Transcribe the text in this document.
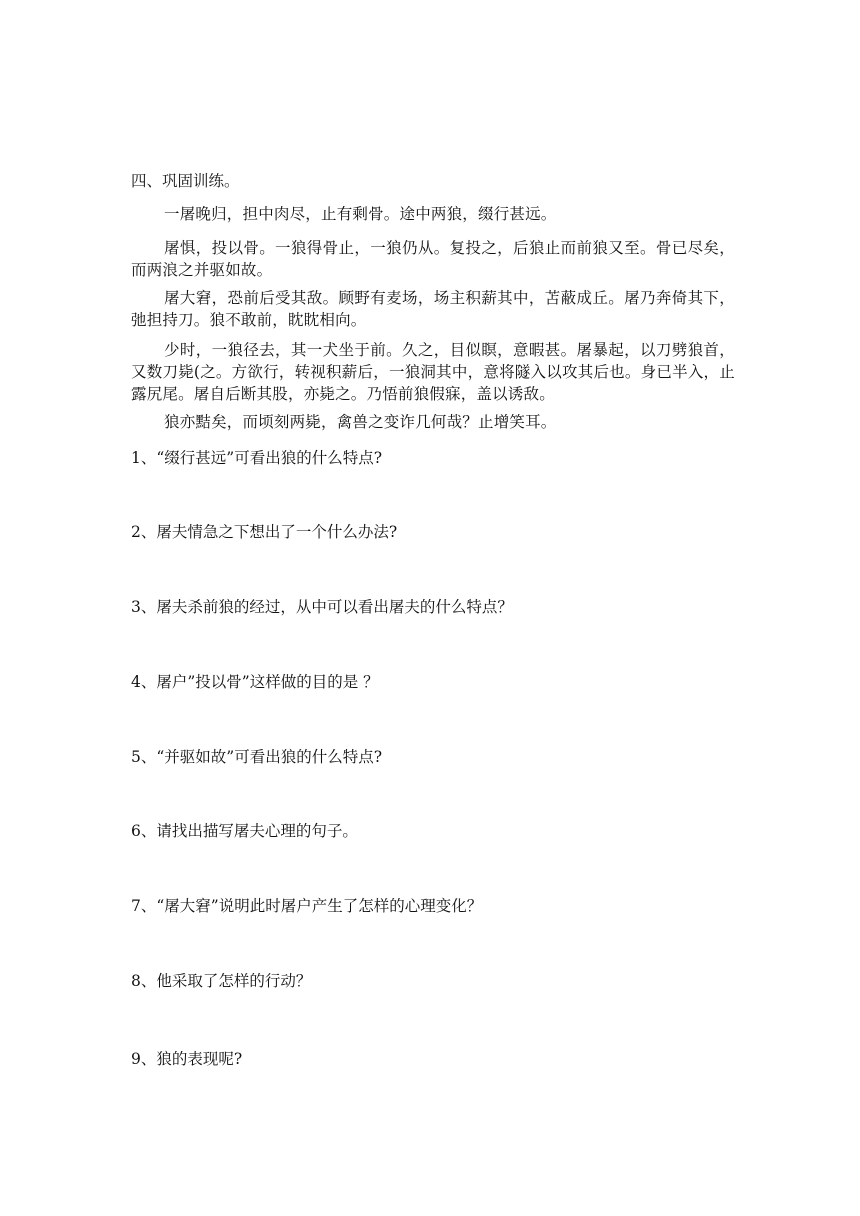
四、巩固训练。

一屠晚归，担中肉尽，止有剩骨。途中两狼，缀行甚远。

屠惧，投以骨。一狼得骨止，一狼仍从。复投之，后狼止而前狼又至。骨已尽矣，而两浪之并驱如故。

屠大窘，恐前后受其敌。顾野有麦场，场主积薪其中，苫蔽成丘。屠乃奔倚其下，弛担持刀。狼不敢前，眈眈相向。

少时，一狼径去，其一犬坐于前。久之，目似瞑，意暇甚。屠暴起，以刀劈狼首，又数刀毙(之。方欲行，转视积薪后，一狼洞其中，意将隧入以攻其后也。身已半入，止露尻尾。屠自后断其股，亦毙之。乃悟前狼假寐，盖以诱敌。

狼亦黠矣，而顷刻两毙，禽兽之变诈几何哉？止增笑耳。

1、“缀行甚远”可看出狼的什么特点?
2、屠夫情急之下想出了一个什么办法?
3、屠夫杀前狼的经过，从中可以看出屠夫的什么特点？
4、屠户”投以骨”这样做的目的是 ？
5、“并驱如故”可看出狼的什么特点?
6、请找出描写屠夫心理的句子。
7、“屠大窘”说明此时屠户产生了怎样的心理变化？
8、他采取了怎样的行动？
9、狼的表现呢?
